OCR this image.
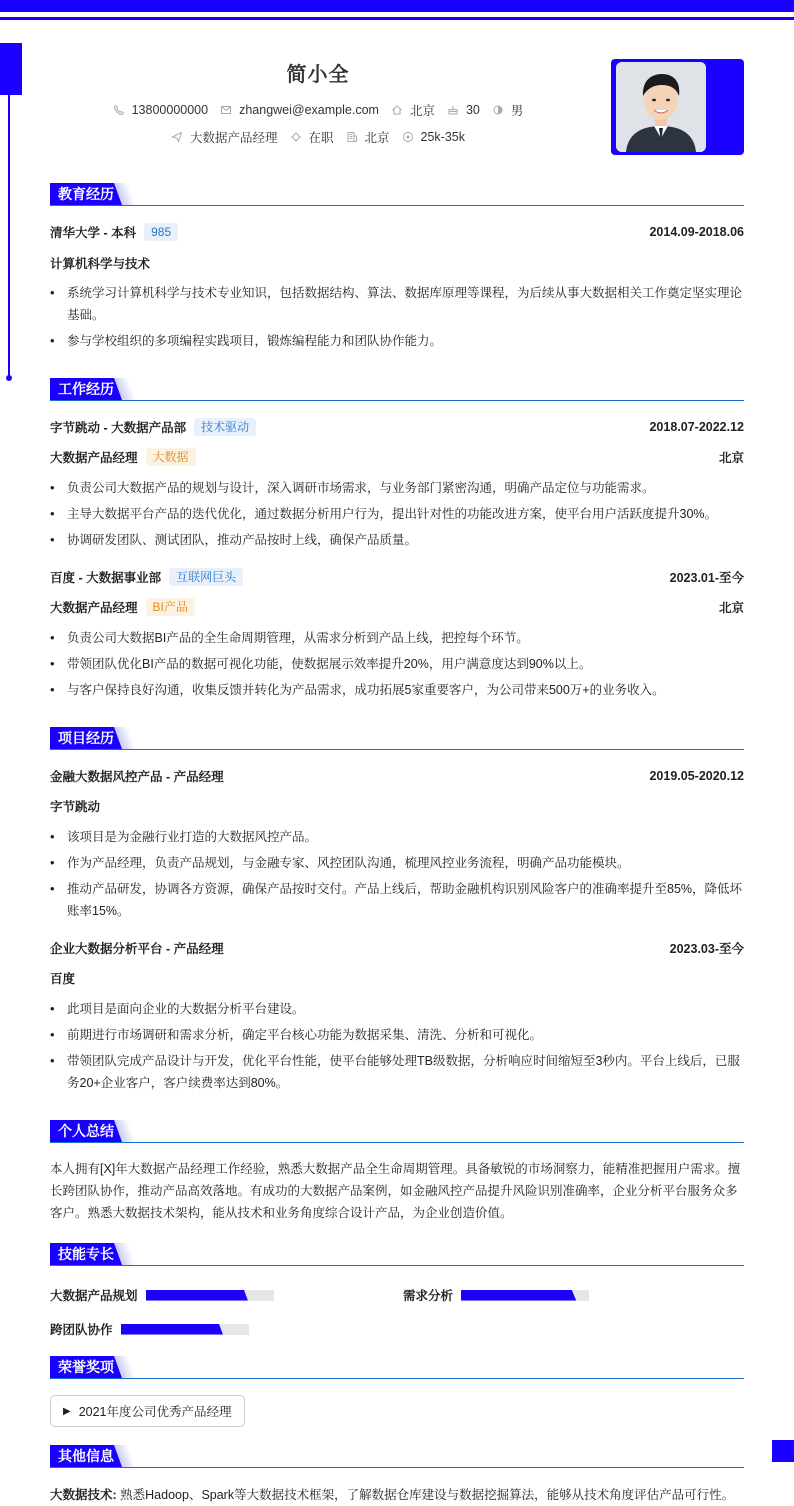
简小全
13800000000 zhangwei@example.com 北京 30 男
大数据产品经理 在职 北京 25k-35k
教育经历
清华大学 - 本科	985	2014.09-2018.06
计算机科学与技术
• 系统学习计算机科学与技术专业知识，包括数据结构、算法、数据库原理等课程，为后续从事大数据相关工作奠定坚实理论基础。
• 参与学校组织的多项编程实践项目，锻炼编程能力和团队协作能力。
工作经历
字节跳动 - 大数据产品部	技术驱动	2018.07-2022.12
大数据产品经理	大数据	北京
• 负责公司大数据产品的规划与设计，深入调研市场需求，与业务部门紧密沟通，明确产品定位与功能需求。
• 主导大数据平台产品的迭代优化，通过数据分析用户行为，提出针对性的功能改进方案，使平台用户活跃度提升30%。
• 协调研发团队、测试团队，推动产品按时上线，确保产品质量。
百度 - 大数据事业部	互联网巨头	2023.01-至今
大数据产品经理	BI产品	北京
• 负责公司大数据BI产品的全生命周期管理，从需求分析到产品上线，把控每个环节。
• 带领团队优化BI产品的数据可视化功能，使数据展示效率提升20%，用户满意度达到90%以上。
• 与客户保持良好沟通，收集反馈并转化为产品需求，成功拓展5家重要客户，为公司带来500万+的业务收入。
项目经历
金融大数据风控产品 - 产品经理	2019.05-2020.12
字节跳动
• 该项目是为金融行业打造的大数据风控产品。
• 作为产品经理，负责产品规划，与金融专家、风控团队沟通，梳理风控业务流程，明确产品功能模块。
• 推动产品研发，协调各方资源，确保产品按时交付。产品上线后，帮助金融机构识别风险客户的准确率提升至85%，降低坏账率15%。
企业大数据分析平台 - 产品经理	2023.03-至今
百度
• 此项目是面向企业的大数据分析平台建设。
• 前期进行市场调研和需求分析，确定平台核心功能为数据采集、清洗、分析和可视化。
• 带领团队完成产品设计与开发，优化平台性能，使平台能够处理TB级数据，分析响应时间缩短至3秒内。平台上线后，已服务20+企业客户，客户续费率达到80%。
个人总结
本人拥有[X]年大数据产品经理工作经验，熟悉大数据产品全生命周期管理。具备敏锐的市场洞察力，能精准把握用户需求。擅长跨团队协作，推动产品高效落地。有成功的大数据产品案例，如金融风控产品提升风险识别准确率，企业分析平台服务众多客户。熟悉大数据技术架构，能从技术和业务角度综合设计产品，为企业创造价值。
技能专长
大数据产品规划	需求分析
跨团队协作
荣誉奖项
▶ 2021年度公司优秀产品经理
其他信息
大数据技术: 熟悉Hadoop、Spark等大数据技术框架，了解数据仓库建设与数据挖掘算法，能够从技术角度评估产品可行性。
